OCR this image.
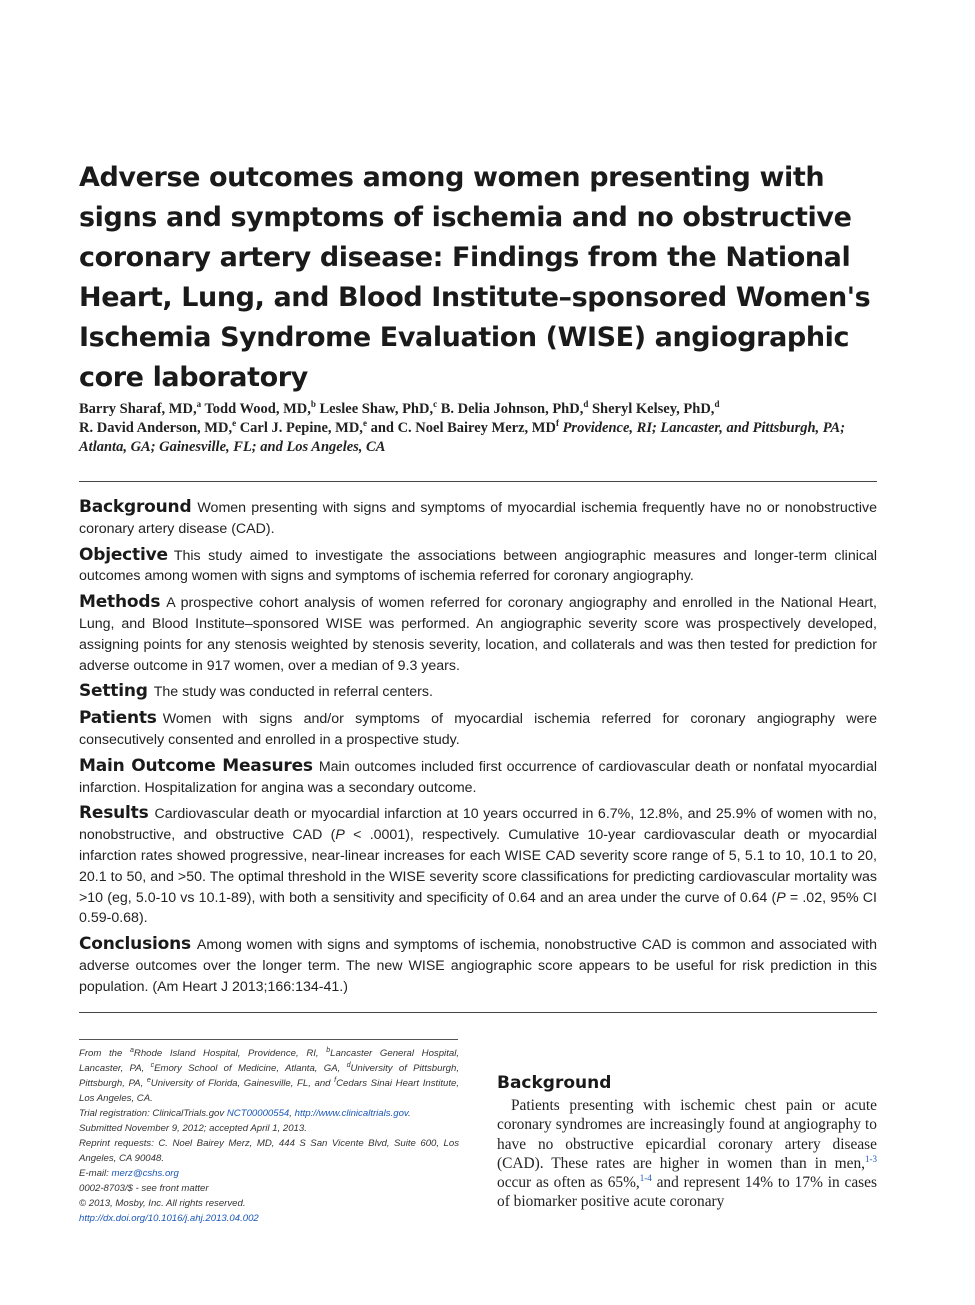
Adverse outcomes among women presenting with signs and symptoms of ischemia and no obstructive coronary artery disease: Findings from the National Heart, Lung, and Blood Institute–sponsored Women's Ischemia Syndrome Evaluation (WISE) angiographic core laboratory
Barry Sharaf, MD,$^a$ Todd Wood, MD,$^b$ Leslee Shaw, PhD,$^c$ B. Delia Johnson, PhD,$^d$ Sheryl Kelsey, PhD,$^d$
R. David Anderson, MD,$^e$ Carl J. Pepine, MD,$^e$ and C. Noel Bairey Merz, $MD^f$ Providence, RI; Lancaster, and Pittsburgh, PA; Atlanta, GA; Gainesville, FL; and Los Angeles, CA

Background Women presenting with signs and symptoms of myocardial ischemia frequently have no or nonobstructive coronary artery disease (CAD).

Objective This study aimed to investigate the associations between angiographic measures and longer-term clinical outcomes among women with signs and symptoms of ischemia referred for coronary angiography.

Methods A prospective cohort analysis of women referred for coronary angiography and enrolled in the National Heart, Lung, and Blood Institute–sponsored WISE was performed. An angiographic severity score was prospectively developed, assigning points for any stenosis weighted by stenosis severity, location, and collaterals and was then tested for prediction for adverse outcome in 917 women, over a median of 9.3 years.

Setting The study was conducted in referral centers.

Patients Women with signs and/or symptoms of myocardial ischemia referred for coronary angiography were consecutively consented and enrolled in a prospective study.

Main Outcome Measures Main outcomes included first occurrence of cardiovascular death or nonfatal myocardial infarction. Hospitalization for angina was a secondary outcome.

Results Cardiovascular death or myocardial infarction at 10 years occurred in 6.7%, 12.8%, and 25.9% of women with no, nonobstructive, and obstructive CAD (P < .0001), respectively. Cumulative 10-year cardiovascular death or myocardial infarction rates showed progressive, near-linear increases for each WISE CAD severity score range of 5, 5.1 to 10, 10.1 to 20, 20.1 to 50, and >50. The optimal threshold in the WISE severity score classifications for predicting cardiovascular mortality was >10 (eg, 5.0-10 vs 10.1-89), with both a sensitivity and specificity of 0.64 and an area under the curve of 0.64 (P = .02, 95% CI 0.59-0.68).

Conclusions Among women with signs and symptoms of ischemia, nonobstructive CAD is common and associated with adverse outcomes over the longer term. The new WISE angiographic score appears to be useful for risk prediction in this population. (Am Heart J 2013;166:134-41.)

From the $^a$Rhode Island Hospital, Providence, RI, $^b$Lancaster General Hospital, Lancaster, PA, $^c$Emory School of Medicine, Atlanta, GA, $^d$University of Pittsburgh, Pittsburgh, PA, $^e$University of Florida, Gainesville, FL, and $^f$Cedars Sinai Heart Institute, Los Angeles, CA.

Trial registration: ClinicalTrials.gov NCT00000554, http://www.clinicaltrials.gov.

Submitted November 9, 2012; accepted April 1, 2013.

Reprint requests: C. Noel Bairey Merz, MD, 444 S San Vicente Blvd, Suite 600, Los Angeles, CA 90048.

E-mail: merz@cshs.org

0002-8703/$ - see front matter

© 2013, Mosby, Inc. All rights reserved.

http://dx.doi.org/10.1016/j.ahj.2013.04.002

Background

Patients presenting with ischemic chest pain or acute coronary syndromes are increasingly found at angiography to have no obstructive epicardial coronary artery disease (CAD). These rates are higher in women than in men,$^{1-3}$ occur as often as 65%,$^{1-4}$ and represent 14% to 17% in cases of biomarker positive acute coronary
